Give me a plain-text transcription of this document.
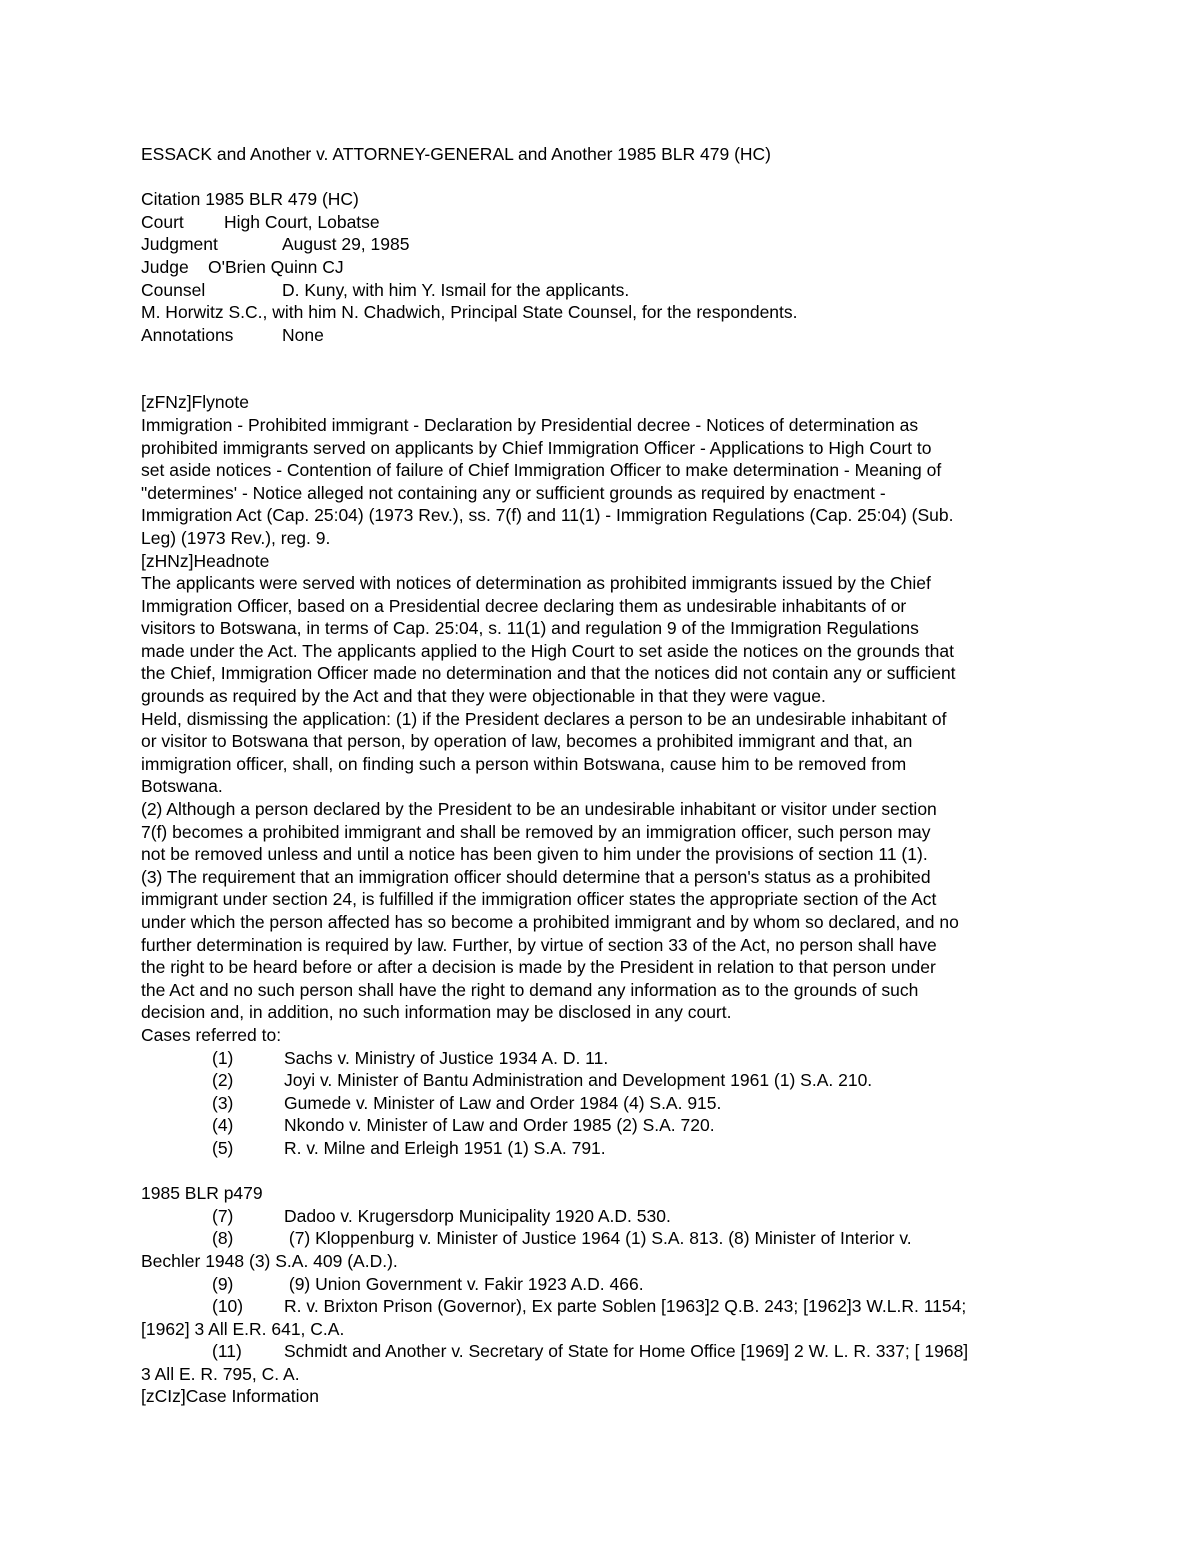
ESSACK and Another v. ATTORNEY-GENERAL and Another 1985 BLR 479 (HC)
Citation 1985 BLR 479 (HC)
Court High Court, Lobatse
Judgment	August 29, 1985
Judge O'Brien Quinn CJ
Counsel	D. Kuny, with him Y. Ismail for the applicants.
M. Horwitz S.C., with him N. Chadwich, Principal State Counsel, for the respondents.
Annotations	None
[zFNz]Flynote
Immigration - Prohibited immigrant - Declaration by Presidential decree - Notices of determination as
prohibited immigrants served on applicants by Chief Immigration Officer - Applications to High Court to
set aside notices - Contention of failure of Chief Immigration Officer to make determination - Meaning of
"determines' - Notice alleged not containing any or sufficient grounds as required by enactment -
Immigration Act (Cap. 25:04) (1973 Rev.), ss. 7(f) and 11(1) - Immigration Regulations (Cap. 25:04) (Sub.
Leg) (1973 Rev.), reg. 9.
[zHNz]Headnote
The applicants were served with notices of determination as prohibited immigrants issued by the Chief
Immigration Officer, based on a Presidential decree declaring them as undesirable inhabitants of or
visitors to Botswana, in terms of Cap. 25:04, s. 11(1) and regulation 9 of the Immigration Regulations
made under the Act. The applicants applied to the High Court to set aside the notices on the grounds that
the Chief, Immigration Officer made no determination and that the notices did not contain any or sufficient
grounds as required by the Act and that they were objectionable in that they were vague.
Held, dismissing the application: (1) if the President declares a person to be an undesirable inhabitant of
or visitor to Botswana that person, by operation of law, becomes a prohibited immigrant and that, an
immigration officer, shall, on finding such a person within Botswana, cause him to be removed from
Botswana.
(2) Although a person declared by the President to be an undesirable inhabitant or visitor under section
7(f) becomes a prohibited immigrant and shall be removed by an immigration officer, such person may
not be removed unless and until a notice has been given to him under the provisions of section 11 (1).
(3) The requirement that an immigration officer should determine that a person's status as a prohibited
immigrant under section 24, is fulfilled if the immigration officer states the appropriate section of the Act
under which the person affected has so become a prohibited immigrant and by whom so declared, and no
further determination is required by law. Further, by virtue of section 33 of the Act, no person shall have
the right to be heard before or after a decision is made by the President in relation to that person under
the Act and no such person shall have the right to demand any information as to the grounds of such
decision and, in addition, no such information may be disclosed in any court.
Cases referred to:
(1)	Sachs v. Ministry of Justice 1934 A. D. 11.
(2)	Joyi v. Minister of Bantu Administration and Development 1961 (1) S.A. 210.
(3)	Gumede v. Minister of Law and Order 1984 (4) S.A. 915.
(4)	Nkondo v. Minister of Law and Order 1985 (2) S.A. 720.
(5)	R. v. Milne and Erleigh 1951 (1) S.A. 791.
1985 BLR p479
(7)	Dadoo v. Krugersdorp Municipality 1920 A.D. 530.
(8)	(7) Kloppenburg v. Minister of Justice 1964 (1) S.A. 813. (8) Minister of Interior v.
Bechler 1948 (3) S.A. 409 (A.D.).
(9)	(9) Union Government v. Fakir 1923 A.D. 466.
(10) R. v. Brixton Prison (Governor), Ex parte Soblen [1963]2 Q.B. 243; [1962]3 W.L.R. 1154;
[1962] 3 All E.R. 641, C.A.
(11) Schmidt and Another v. Secretary of State for Home Office [1969] 2 W. L. R. 337; [ 1968]
3 All E. R. 795, C. A.
[zCIz]Case Information
